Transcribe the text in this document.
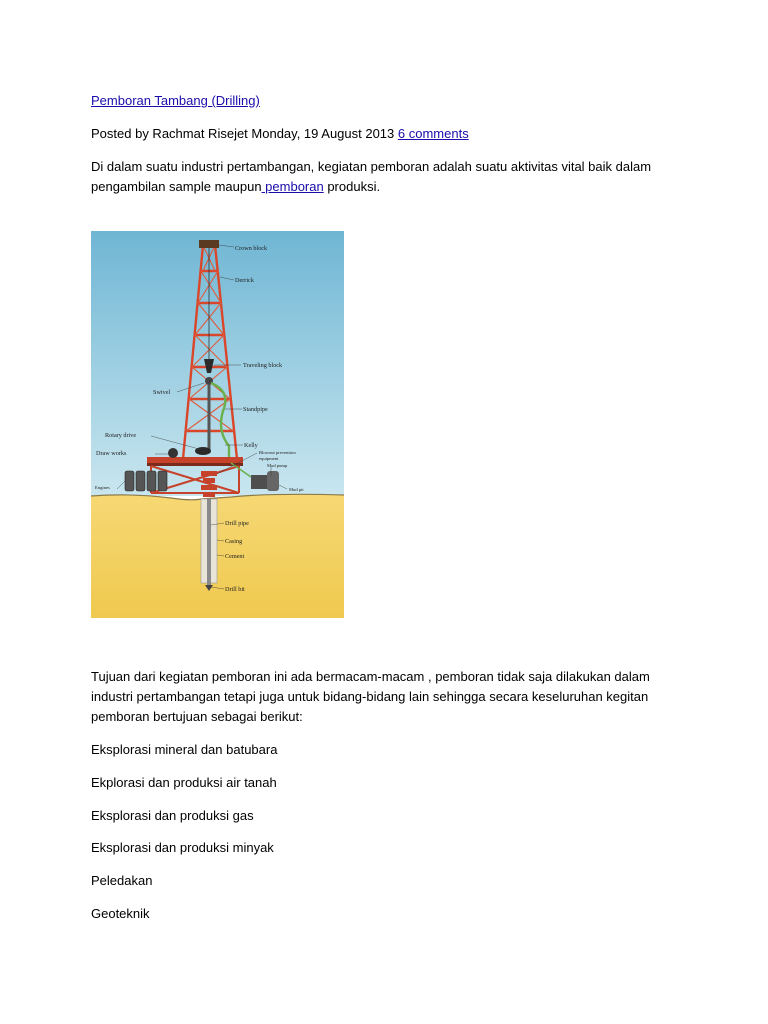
Pemboran Tambang (Drilling)
Posted by Rachmat Risejet Monday, 19 August 2013 6 comments
Di dalam suatu industri pertambangan, kegiatan pemboran adalah suatu aktivitas vital baik dalam
pengambilan sample maupun pemboran produksi.
Crown block
Derrick
Traveling block
Swivel
Standpipe
Rotary drive
Kelly
Draw works	Blowout prevention
equipment
Mud pump
Engines	Mud pit
Drill pipe
Casing
Cement
Drill bit
Tujuan dari kegiatan pemboran ini ada bermacam-macam , pemboran tidak saja dilakukan dalam
industri pertambangan tetapi juga untuk bidang-bidang lain sehingga secara keseluruhan kegitan
pemboran bertujuan sebagai berikut:
Eksplorasi mineral dan batubara
Ekplorasi dan produksi air tanah
Eksplorasi dan produksi gas
Eksplorasi dan produksi minyak
Peledakan
Geoteknik
